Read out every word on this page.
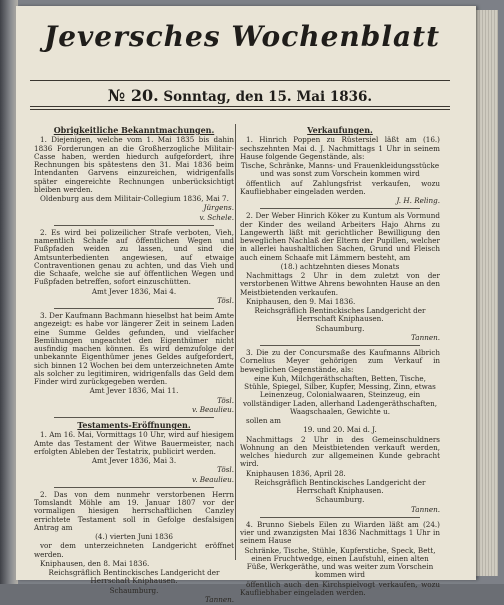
Jeversches Wochenblatt
№ 20. Sonntag, den 15. Mai 1836.
Obrigkeitliche Bekanntmachungen.

1. Diejenigen, welche vom 1. Mai 1835 bis dahin 1836 Forderungen an die Großherzogliche Militair-Casse haben, werden hiedurch aufgefordert, ihre Rechnungen bis spätestens den 31. Mai 1836 beim Intendanten Garvens einzureichen, widrigenfalls später eingereichte Rechnungen unberücksichtigt bleiben werden.

Oldenburg aus dem Militair-Collegium 1836, Mai 7.

Jürgens.

v. Schele.

2. Es wird bei polizeilicher Strafe verboten, Vieh, namentlich Schafe auf öffentlichen Wegen und Fußpfaden weiden zu lassen, und sind die Amtsunterbedienten angewiesen, auf etwaige Contraventionen genau zu achten, und das Vieh und die Schaafe, welche sie auf öffentlichen Wegen und Fußpfaden betreffen, sofort einzuschütten.

Amt Jever 1836, Mai 4.

Tösl.

3. Der Kaufmann Bachmann hieselbst hat beim Amte angezeigt: es habe vor längerer Zeit in seinem Laden eine Summe Geldes gefunden, und vielfacher Bemühungen ungeachtet den Eigenthümer nicht ausfindig machen können. Es wird demzufolge der unbekannte Eigenthümer jenes Geldes aufgefordert, sich binnen 12 Wochen bei dem unterzeichneten Amte als solcher zu legitimiren, widrigenfalls das Geld dem Finder wird zurückgegeben werden.

Amt Jever 1836, Mai 11.

Tösl.

v. Beaulieu.

Testaments-Eröffnungen.

1. Am 16. Mai, Vormittags 10 Uhr, wird auf hiesigem Amte das Testament der Witwe Bauermeister, nach erfolgten Ableben der Testatrix, publicirt werden.

Amt Jever 1836, Mai 3.

Tösl.

v. Beaulieu.

2. Das von dem nunmehr verstorbenen Herrn Tomslandt Möhle am 19. Januar 1807 vor der vormaligen hiesigen herrschaftlichen Canzley errichtete Testament soll in Gefolge desfalsigen Antrag am

(4.) vierten Juni 1836

vor dem unterzeichneten Landgericht eröffnet werden.

Kniphausen, den 8. Mai 1836.

Reichsgräflich Bentinckisches Landgericht der Herrschaft Kniphausen.

Schaumburg.

Tannen.

Verkaufungen.

1. Hinrich Poppen zu Rüstersiel läßt am (16.) sechszehnten Mai d. J. Nachmittags 1 Uhr in seinem Hause folgende Gegenstände, als:

Tische, Schränke, Manns- und Frauenkleidungsstücke und was sonst zum Vorschein kommen wird

öffentlich auf Zahlungsfrist verkaufen, wozu Kaufliebhaber eingeladen werden.

J. H. Reling.

2. Der Weber Hinrich Köker zu Kuntum als Vormund der Kinder des weiland Arbeiters Hajo Ahrns zu Langewerth läßt mit gerichtlicher Bewilligung den beweglichen Nachlaß der Eltern der Pupillen, welcher in allerlei haushaltlichen Sachen, Grund und Fleisch auch einem Schaafe mit Lämmern besteht, am

(18.) achtzehnten dieses Monats

Nachmittags 2 Uhr in dem zuletzt von der verstorbenen Wittwe Ahrens bewohnten Hause an den Meistbietenden verkaufen.

Kniphausen, den 9. Mai 1836.

Reichsgräflich Bentinckisches Landgericht der Herrschaft Kniphausen.

Schaumburg.

Tannen.

3. Die zu der Concursmaße des Kaufmanns Albrich Cornelius Meyer gehörigen zum Verkauf in beweglichen Gegenstände, als:

eine Kuh, Milchgeräthschaften, Betten, Tische, Stühle, Spiegel, Silber, Kupfer, Messing, Zinn, etwas Leinenzeug, Colonialwaaren, Steinzeug, ein vollständiger Laden, allerhand Ladengeräthschaften, Waagschaalen, Gewichte u.

sollen am

19. und 20. Mai d. J.

Nachmittags 2 Uhr in des Gemeinschuldners Wohnung an den Meistbietenden verkauft werden, welches hiedurch zur allgemeinen Kunde gebracht wird.

Kniphausen 1836, April 28.

Reichsgräflich Bentinckisches Landgericht der Herrschaft Kniphausen.

Schaumburg.

Tannen.

4. Brunno Siebels Eilen zu Wiarden läßt am (24.) vier und zwanzigsten Mai 1836 Nachmittags 1 Uhr in seinem Hause

Schränke, Tische, Stühle, Kupferstiche, Speck, Bett, einen Fruchtwedge, einen Laufstuhl, einen alten Füße, Werkgeräthe, und was weiter zum Vorschein kommen wird

öffentlich auch den Kirchspielvogt verkaufen, wozu Kaufliebhaber eingeladen werden.
